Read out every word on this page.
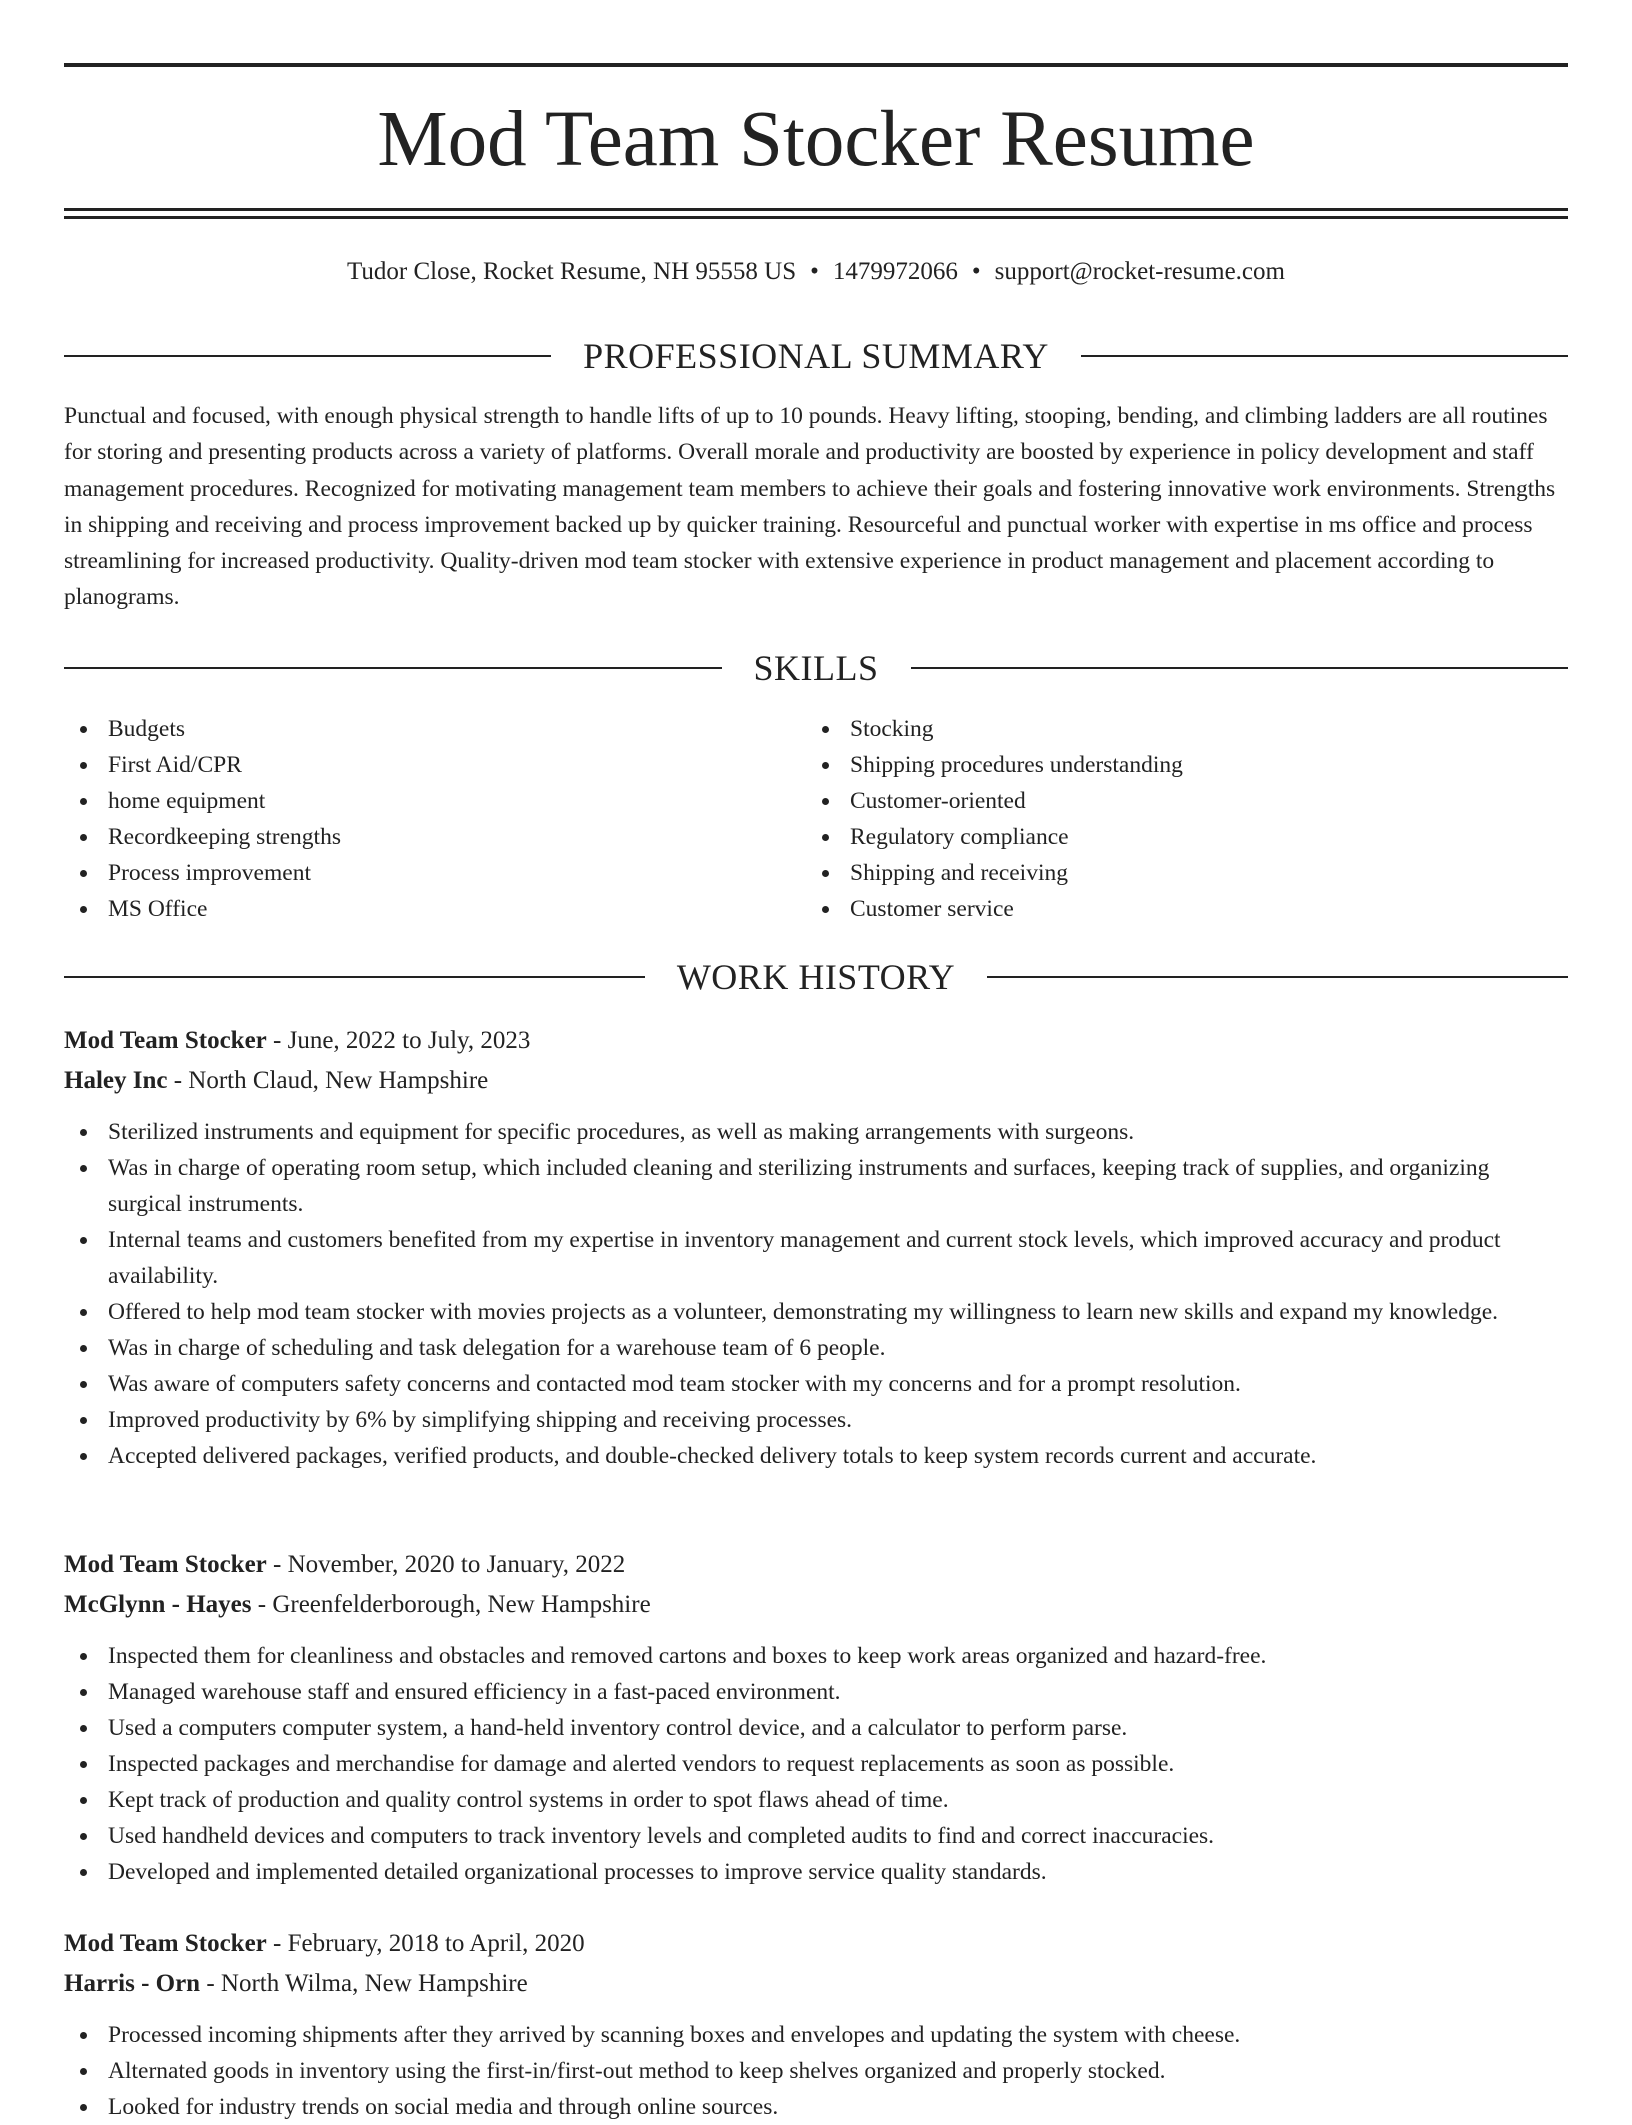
Mod Team Stocker Resume
Tudor Close, Rocket Resume, NH 95558 US • 1479972066 • support@rocket-resume.com
PROFESSIONAL SUMMARY

Punctual and focused, with enough physical strength to handle lifts of up to 10 pounds. Heavy lifting, stooping, bending, and climbing ladders are all routines for storing and presenting products across a variety of platforms. Overall morale and productivity are boosted by experience in policy development and staff management procedures. Recognized for motivating management team members to achieve their goals and fostering innovative work environments. Strengths in shipping and receiving and process improvement backed up by quicker training. Resourceful and punctual worker with expertise in ms office and process streamlining for increased productivity. Quality-driven mod team stocker with extensive experience in product management and placement according to planograms.

SKILLS
Budgets
First Aid/CPR
home equipment
Recordkeeping strengths
Process improvement
MS Office
Stocking
Shipping procedures understanding
Customer-oriented
Regulatory compliance
Shipping and receiving
Customer service
WORK HISTORY
Mod Team Stocker - June, 2022 to July, 2023
Haley Inc - North Claud, New Hampshire
Sterilized instruments and equipment for specific procedures, as well as making arrangements with surgeons.
Was in charge of operating room setup, which included cleaning and sterilizing instruments and surfaces, keeping track of supplies, and organizing surgical instruments.
Internal teams and customers benefited from my expertise in inventory management and current stock levels, which improved accuracy and product availability.
Offered to help mod team stocker with movies projects as a volunteer, demonstrating my willingness to learn new skills and expand my knowledge.
Was in charge of scheduling and task delegation for a warehouse team of 6 people.
Was aware of computers safety concerns and contacted mod team stocker with my concerns and for a prompt resolution.
Improved productivity by 6% by simplifying shipping and receiving processes.
Accepted delivered packages, verified products, and double-checked delivery totals to keep system records current and accurate.
Mod Team Stocker - November, 2020 to January, 2022
McGlynn - Hayes - Greenfelderborough, New Hampshire
Inspected them for cleanliness and obstacles and removed cartons and boxes to keep work areas organized and hazard-free.
Managed warehouse staff and ensured efficiency in a fast-paced environment.
Used a computers computer system, a hand-held inventory control device, and a calculator to perform parse.
Inspected packages and merchandise for damage and alerted vendors to request replacements as soon as possible.
Kept track of production and quality control systems in order to spot flaws ahead of time.
Used handheld devices and computers to track inventory levels and completed audits to find and correct inaccuracies.
Developed and implemented detailed organizational processes to improve service quality standards.
Mod Team Stocker - February, 2018 to April, 2020
Harris - Orn - North Wilma, New Hampshire
Processed incoming shipments after they arrived by scanning boxes and envelopes and updating the system with cheese.
Alternated goods in inventory using the first-in/first-out method to keep shelves organized and properly stocked.
Looked for industry trends on social media and through online sources.
